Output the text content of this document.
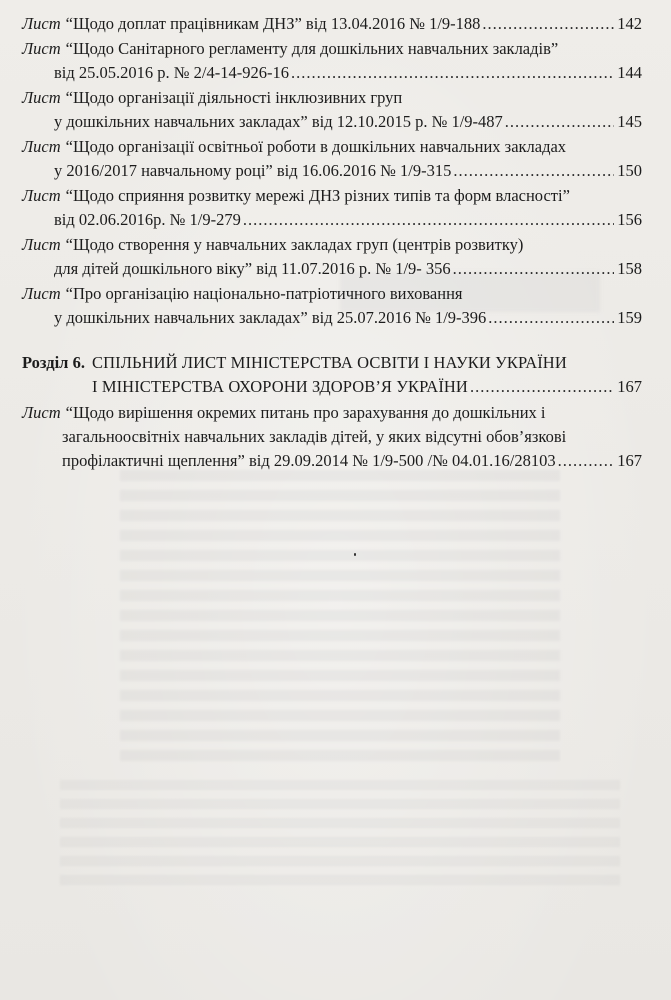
Лист “Щодо доплат працівникам ДНЗ” від 13.04.2016 № 1/9-188 .....	142
Лист “Щодо Санітарного регламенту для дошкільних навчальних закладів”
від 25.05.2016 р. № 2/4-14-926-16 .....	144
Лист “Щодо організації діяльності інклюзивних груп
у дошкільних навчальних закладах” від 12.10.2015 р. № 1/9-487 .....	145
Лист “Щодо організації освітньої роботи в дошкільних навчальних закладах
у 2016/2017 навчальному році” від 16.06.2016 № 1/9-315 .....	150
Лист “Щодо сприяння розвитку мережі ДНЗ різних типів та форм власності”
від 02.06.2016р. № 1/9-279 .....	156
Лист “Щодо створення у навчальних закладах груп (центрів розвитку)
для дітей дошкільного віку” від 11.07.2016 р. № 1/9- 356 .....	158
Лист “Про організацію національно-патріотичного виховання
у дошкільних навчальних закладах” від 25.07.2016 № 1/9-396 .....	159
Розділ 6. СПІЛЬНИЙ ЛИСТ МІНІСТЕРСТВА ОСВІТИ І НАУКИ УКРАЇНИ
І МІНІСТЕРСТВА ОХОРОНИ ЗДОРОВ’Я УКРАЇНИ .....	167
Лист “Щодо вирішення окремих питань про зарахування до дошкільних і
загальноосвітніх навчальних закладів дітей, у яких відсутні обов’язкові
профілактичні щеплення” від 29.09.2014 № 1/9-500 /№ 04.01.16/28103 .....	167
